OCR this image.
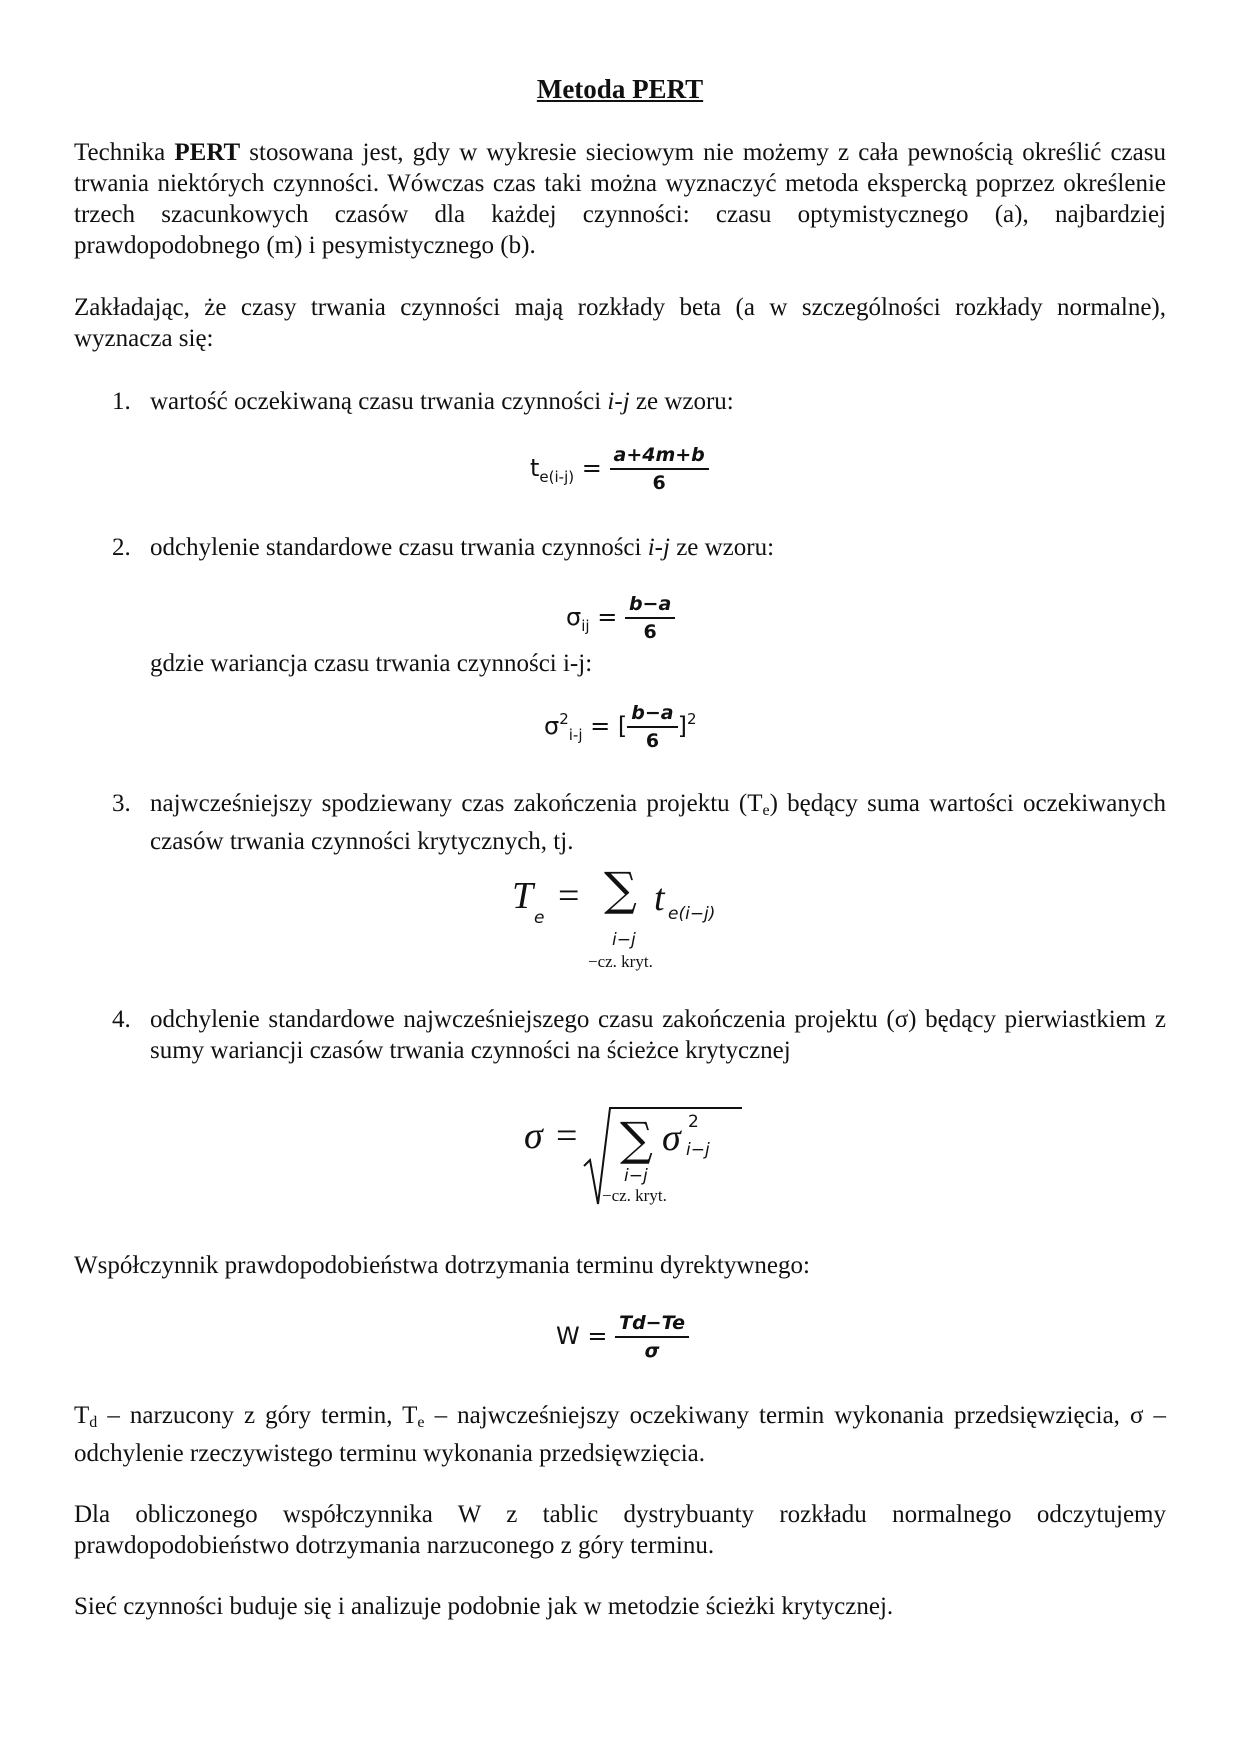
Metoda PERT
Technika PERT stosowana jest, gdy w wykresie sieciowym nie możemy z cała pewnością określić czasu trwania niektórych czynności. Wówczas czas taki można wyznaczyć metoda ekspercką poprzez określenie trzech szacunkowych czasów dla każdej czynności: czasu optymistycznego (a), najbardziej prawdopodobnego (m) i pesymistycznego (b).
Zakładając, że czasy trwania czynności mają rozkłady beta (a w szczególności rozkłady normalne), wyznacza się:
1. wartość oczekiwaną czasu trwania czynności i-j ze wzoru:
$t_{e(i-j)} = \frac{a+4m+b}{6}$
2. odchylenie standardowe czasu trwania czynności i-j ze wzoru:
$\sigma_{ij} = \frac{b-a}{6}$
gdzie wariancja czasu trwania czynności i-j:
$\sigma^2_{i-j}$ = [ $\frac{b-a}{6} ]^2$
3. najwcześniejszy spodziewany czas zakończenia projektu (Te) będący suma wartości oczekiwanych czasów trwania czynności krytycznych, tj.
T
e
= ∑ t e(i−j)
i−j
−cz. kryt.
4. odchylenie standardowe najwcześniejszego czasu zakończenia projektu (σ) będący pierwiastkiem z sumy wariancji czasów trwania czynności na ścieżce krytycznej
σ = ∑ σ 2
i−j
i−j
−cz. kryt.
Współczynnik prawdopodobieństwa dotrzymania terminu dyrektywnego:
$W = \frac{Td-Te}{\sigma}$
Td – narzucony z góry termin, Te – najwcześniejszy oczekiwany termin wykonania przedsięwzięcia, σ – odchylenie rzeczywistego terminu wykonania przedsięwzięcia.
Dla obliczonego współczynnika W z tablic dystrybuanty rozkładu normalnego odczytujemy prawdopodobieństwo dotrzymania narzuconego z góry terminu.
Sieć czynności buduje się i analizuje podobnie jak w metodzie ścieżki krytycznej.
